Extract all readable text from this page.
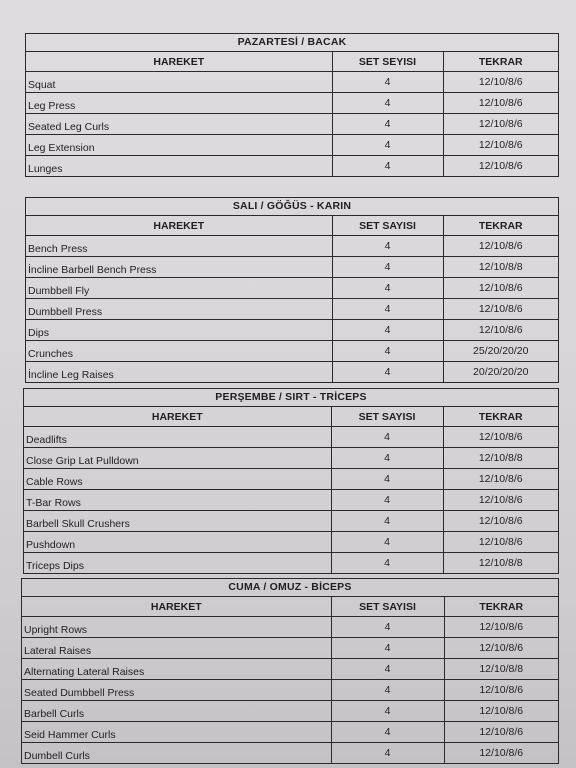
PAZARTESİ / BACAK
HAREKET	SET SEYISI	TEKRAR
Squat	4	12/10/8/6
Leg Press	4	12/10/8/6
Seated Leg Curls	4	12/10/8/6
Leg Extension	4	12/10/8/6
Lunges	4	12/10/8/6
SALI / GÖĞÜS - KARIN
HAREKET	SET SAYISI	TEKRAR
Bench Press	4	12/10/8/6
İncline Barbell Bench Press	4	12/10/8/8
Dumbbell Fly	4	12/10/8/6
Dumbbell Press	4	12/10/8/6
Dips	4	12/10/8/6
Crunches	4	25/20/20/20
İncline Leg Raises	4	20/20/20/20
PERŞEMBE / SIRT - TRİCEPS
HAREKET	SET SAYISI	TEKRAR
Deadlifts	4	12/10/8/6
Close Grip Lat Pulldown	4	12/10/8/8
Cable Rows	4	12/10/8/6
T-Bar Rows	4	12/10/8/6
Barbell Skull Crushers	4	12/10/8/6
Pushdown	4	12/10/8/6
Triceps Dips	4	12/10/8/8
CUMA / OMUZ - BİCEPS
HAREKET	SET SAYISI	TEKRAR
Upright Rows	4	12/10/8/6
Lateral Raises	4	12/10/8/6
Alternating Lateral Raises	4	12/10/8/8
Seated Dumbbell Press	4	12/10/8/6
Barbell Curls	4	12/10/8/6
Seid Hammer Curls	4	12/10/8/6
Dumbell Curls	4	12/10/8/6
